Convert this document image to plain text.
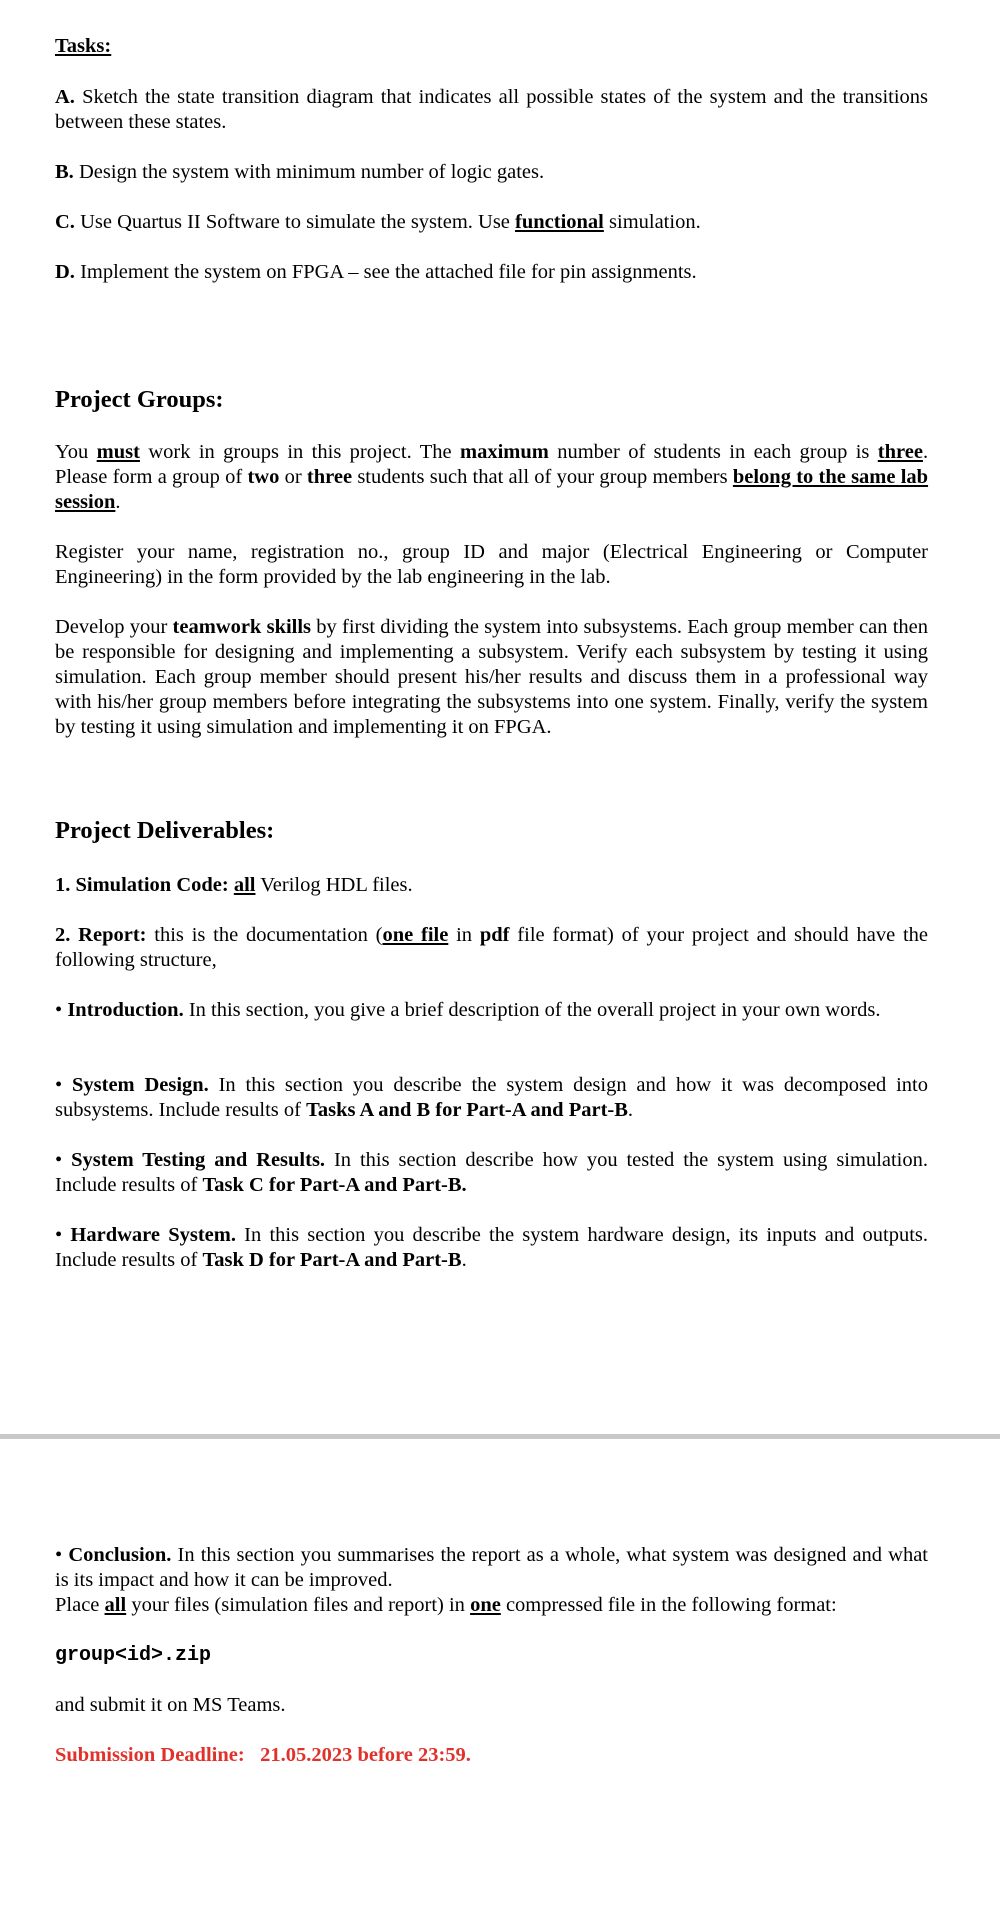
Tasks:

A. Sketch the state transition diagram that indicates all possible states of the system and the transitions between these states.

B. Design the system with minimum number of logic gates.

C. Use Quartus II Software to simulate the system. Use functional simulation.

D. Implement the system on FPGA – see the attached file for pin assignments.

Project Groups:

You must work in groups in this project. The maximum number of students in each group is three. Please form a group of two or three students such that all of your group members belong to the same lab session.

Register your name, registration no., group ID and major (Electrical Engineering or Computer Engineering) in the form provided by the lab engineering in the lab.

Develop your teamwork skills by first dividing the system into subsystems. Each group member can then be responsible for designing and implementing a subsystem. Verify each subsystem by testing it using simulation. Each group member should present his/her results and discuss them in a professional way with his/her group members before integrating the subsystems into one system. Finally, verify the system by testing it using simulation and implementing it on FPGA.

Project Deliverables:

1. Simulation Code: all Verilog HDL files.

2. Report: this is the documentation (one file in pdf file format) of your project and should have the following structure,

• Introduction. In this section, you give a brief description of the overall project in your own words.

• System Design. In this section you describe the system design and how it was decomposed into subsystems. Include results of Tasks A and B for Part-A and Part-B.

• System Testing and Results. In this section describe how you tested the system using simulation. Include results of Task C for Part-A and Part-B.

• Hardware System. In this section you describe the system hardware design, its inputs and outputs. Include results of Task D for Part-A and Part-B.

• Conclusion. In this section you summarises the report as a whole, what system was designed and what is its impact and how it can be improved.

Place all your files (simulation files and report) in one compressed file in the following format:

group<id>.zip

and submit it on MS Teams.

Submission Deadline: 21.05.2023 before 23:59.
